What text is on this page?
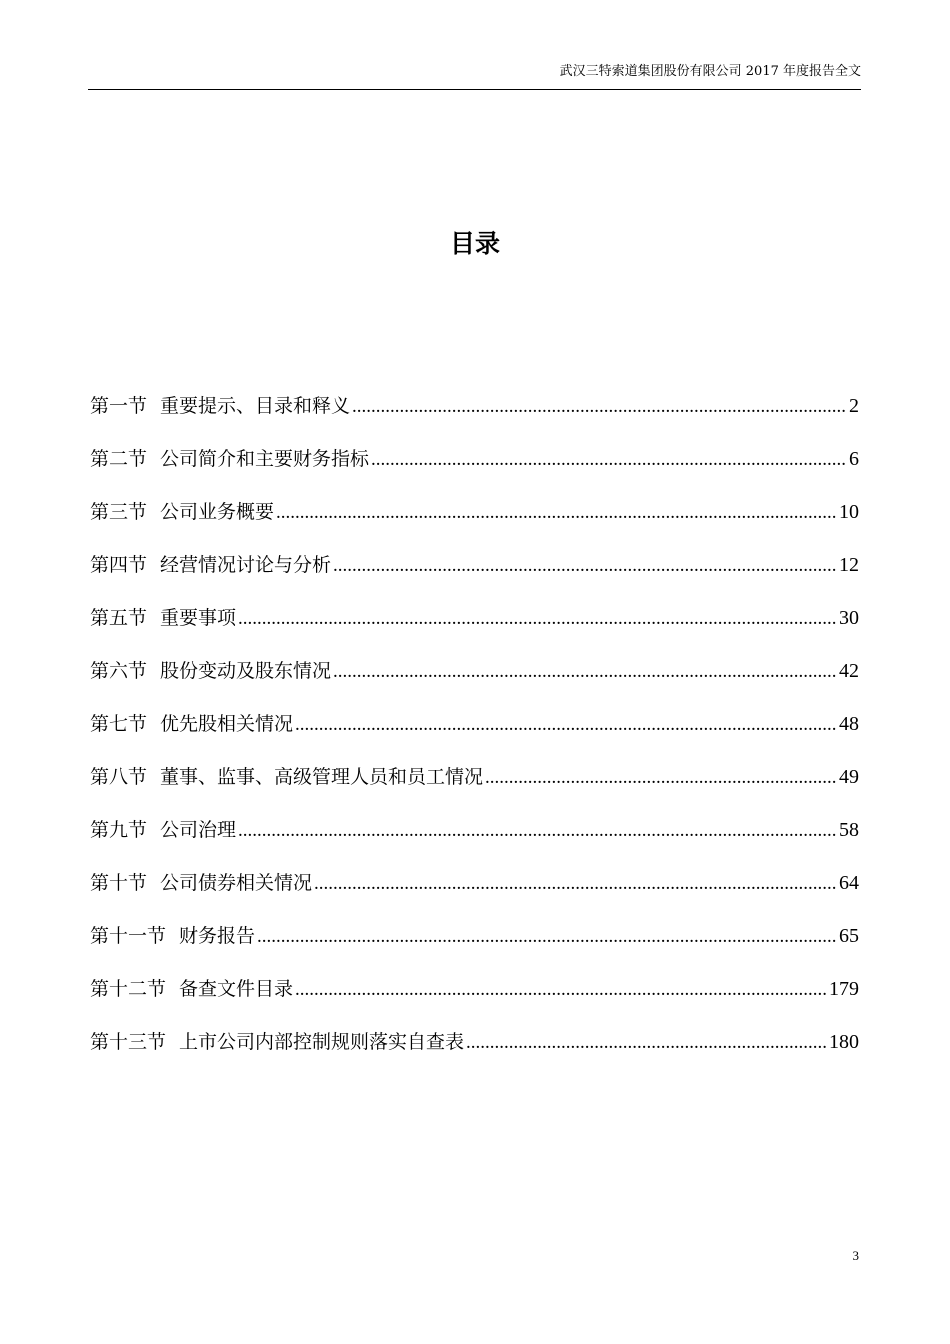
武汉三特索道集团股份有限公司 2017 年度报告全文
目录
第一节 重要提示、目录和释义 .....	2
第二节 公司简介和主要财务指标 .....	6
第三节 公司业务概要 .....	10
第四节 经营情况讨论与分析 .....	12
第五节 重要事项 .....	30
第六节 股份变动及股东情况 .....	42
第七节 优先股相关情况 .....	48
第八节 董事、监事、高级管理人员和员工情况 .....	49
第九节 公司治理 .....	58
第十节 公司债券相关情况 .....	64
第十一节 财务报告 .....	65
第十二节 备查文件目录 .....	179
第十三节 上市公司内部控制规则落实自查表 .....	180
3
